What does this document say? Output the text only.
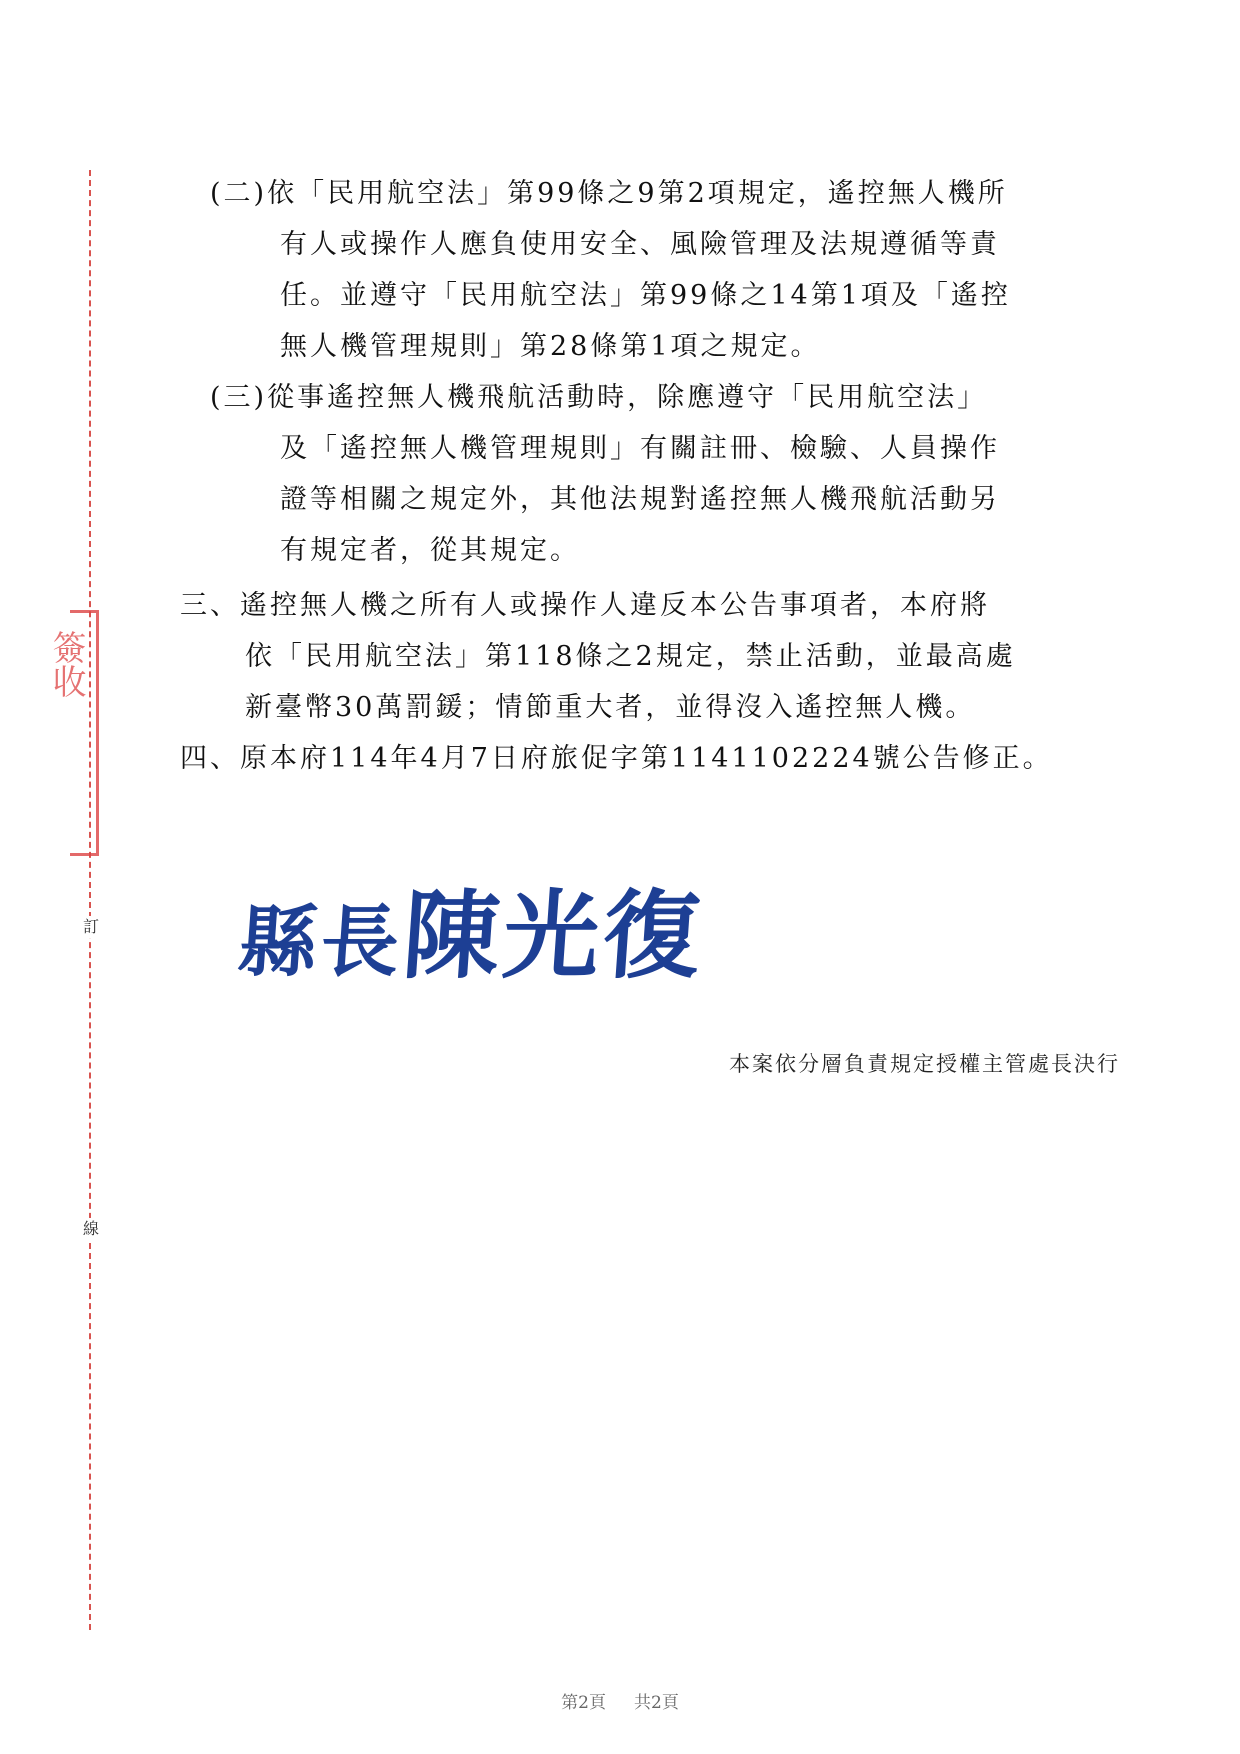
訂
線
簽收
(二)依「民用航空法」第99條之9第2項規定，遙控無人機所
有人或操作人應負使用安全、風險管理及法規遵循等責
任。並遵守「民用航空法」第99條之14第1項及「遙控
無人機管理規則」第28條第1項之規定。
(三)從事遙控無人機飛航活動時，除應遵守「民用航空法」
及「遙控無人機管理規則」有關註冊、檢驗、人員操作
證等相關之規定外，其他法規對遙控無人機飛航活動另
有規定者，從其規定。
三、遙控無人機之所有人或操作人違反本公告事項者，本府將
依「民用航空法」第118條之2規定，禁止活動，並最高處
新臺幣30萬罰鍰；情節重大者，並得沒入遙控無人機。
四、原本府114年4月7日府旅促字第1141102224號公告修正。
縣長陳光復
本案依分層負責規定授權主管處長決行
第2頁 共2頁
